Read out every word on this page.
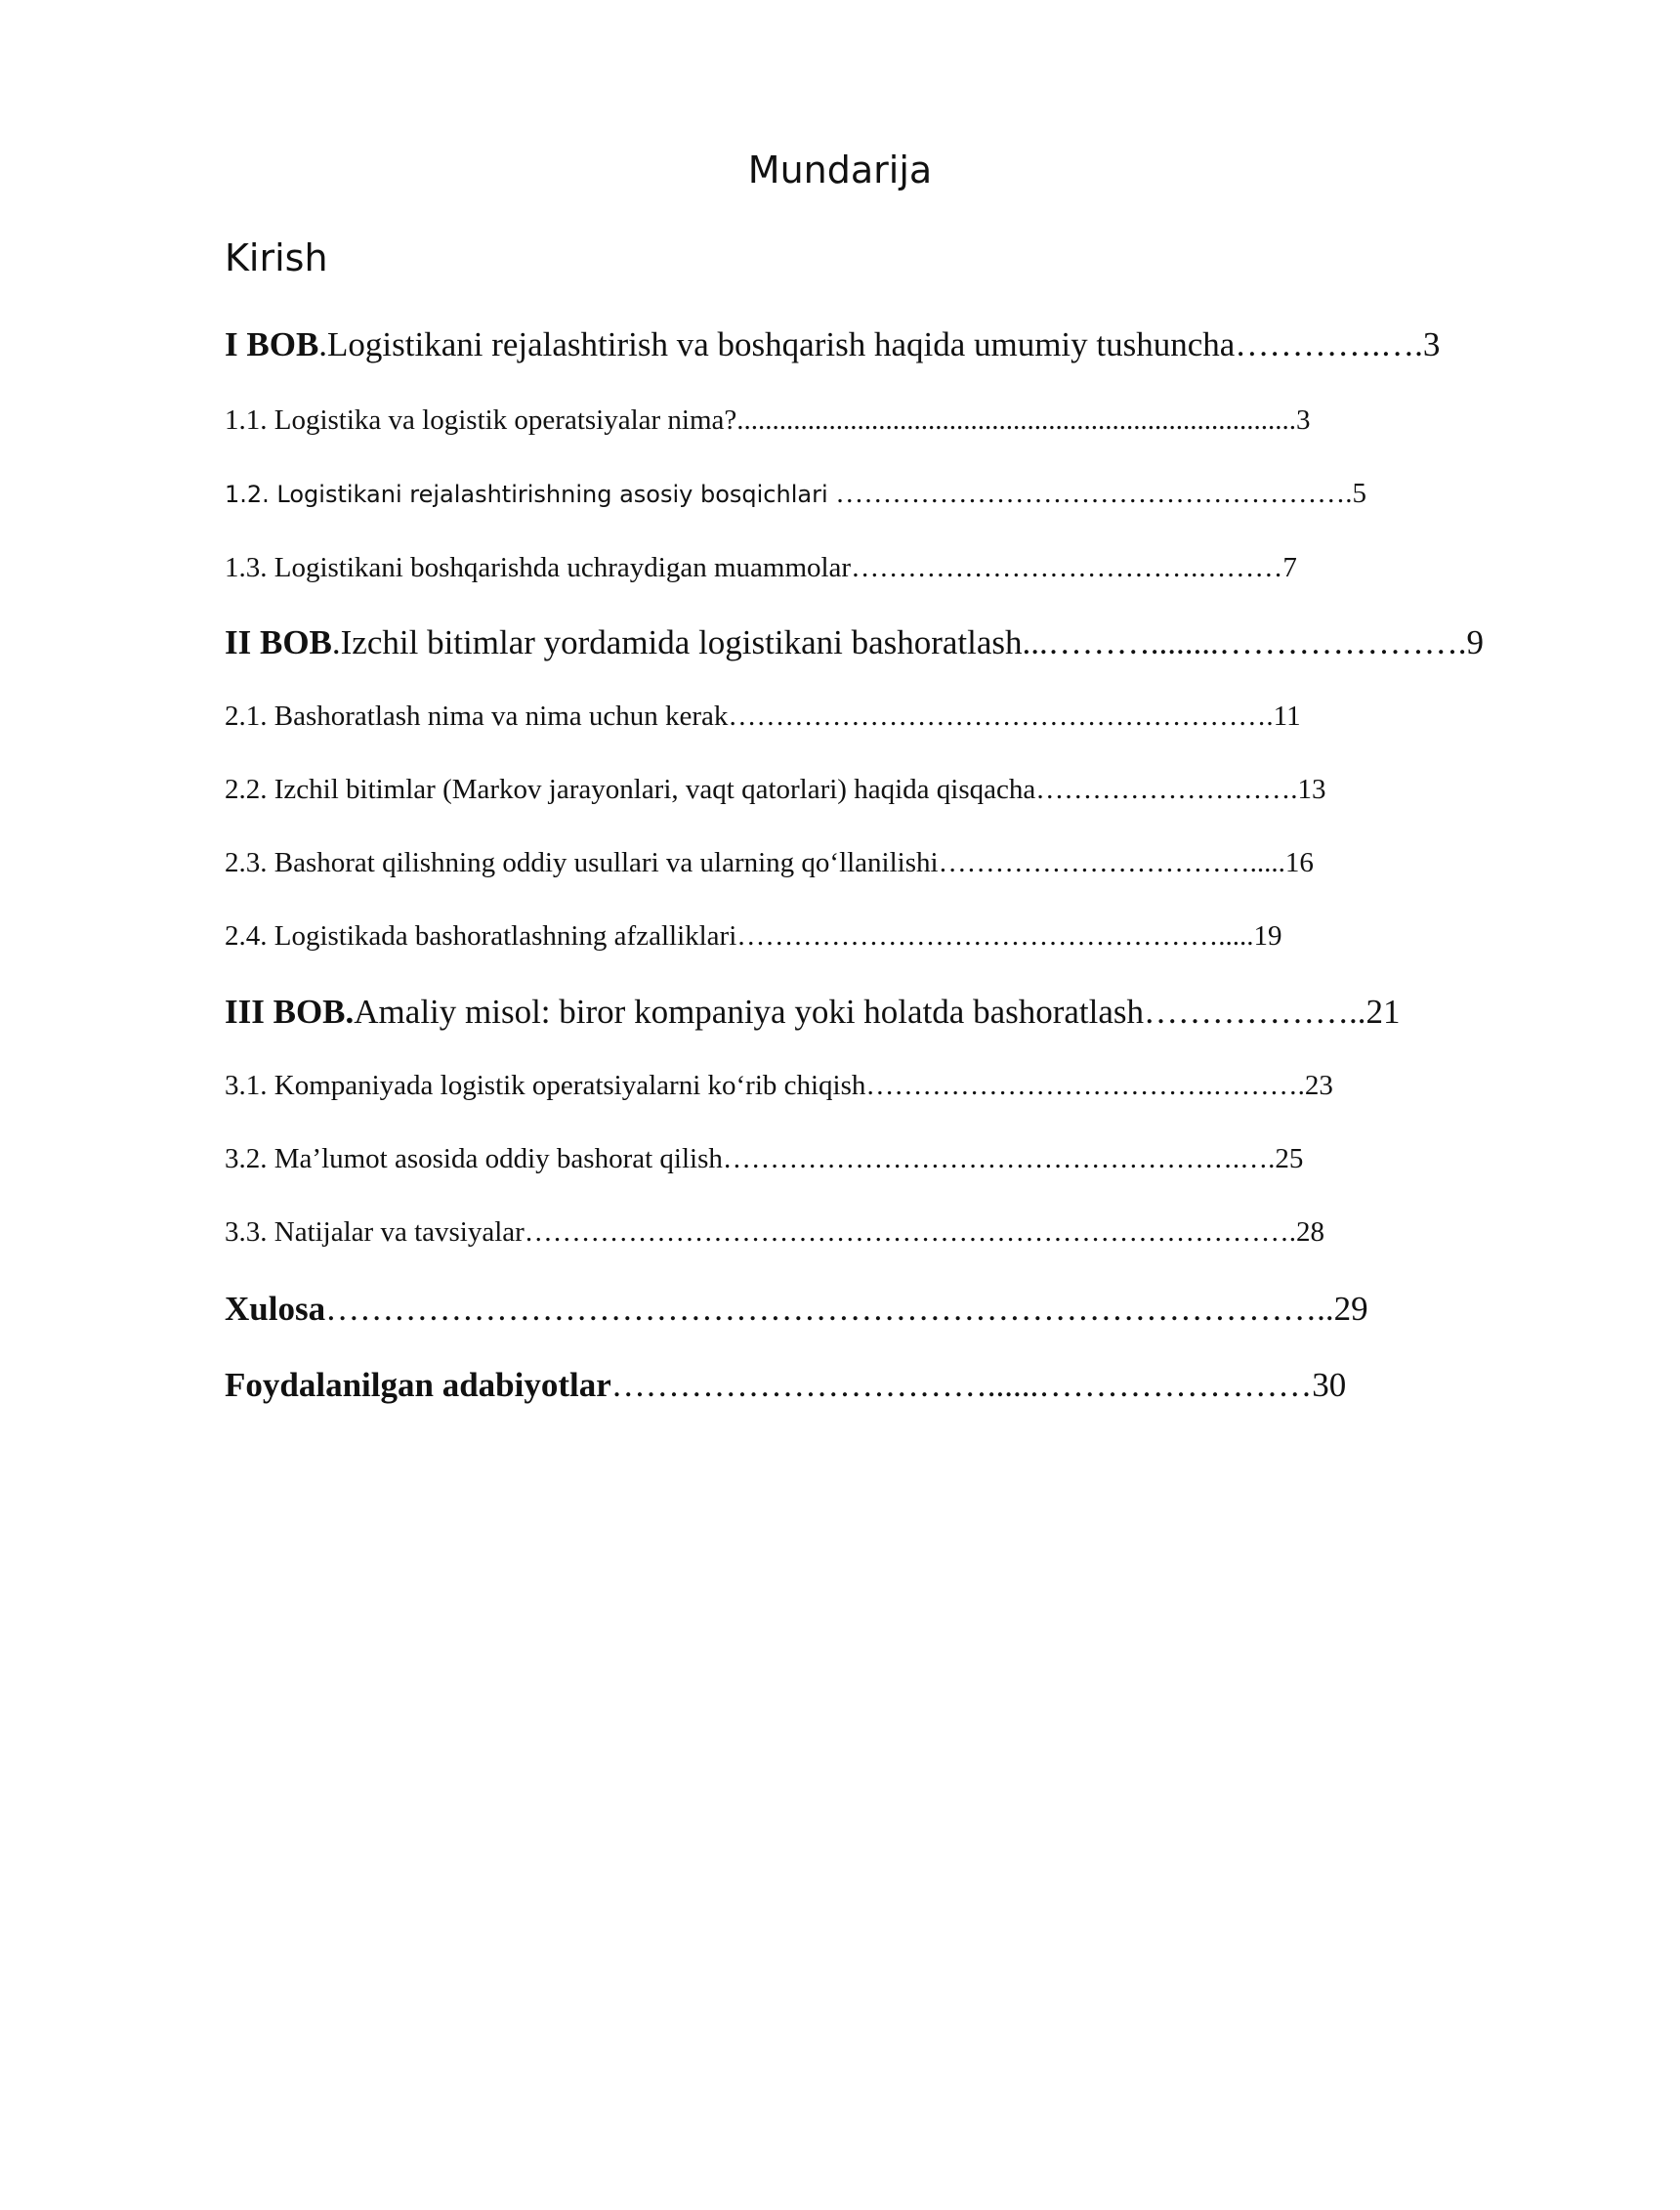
Mundarija
Kirish
I BOB.Logistikani rejalashtirish va boshqarish haqida umumiy tushuncha………….….3
1.1. Logistika va logistik operatsiyalar nima?...............................................................................3
1.2. Logistikani rejalashtirishning asosiy bosqichlari ……………………………………………….5
1.3. Logistikani boshqarishda uchraydigan muammolar……………………………….………7
II BOB.Izchil bitimlar yordamida logistikani bashoratlash...………........………………….9
2.1. Bashoratlash nima va nima uchun kerak………………………………………………….11
2.2. Izchil bitimlar (Markov jarayonlari, vaqt qatorlari) haqida qisqacha……………………….13
2.3. Bashorat qilishning oddiy usullari va ularning qo‘llanilishi…………………………….....16
2.4. Logistikada bashoratlashning afzalliklari…………………………………………….....19
III BOB.Amaliy misol: biror kompaniya yoki holatda bashoratlash………………..21
3.1. Kompaniyada logistik operatsiyalarni ko‘rib chiqish……………………………….……….23
3.2. Ma’lumot asosida oddiy bashorat qilish……………………………………………….….25
3.3. Natijalar va tavsiyalar……………………………………………………………………….28
Xulosa……………………………………………………………………………..29
Foydalanilgan adabiyotlar……………………………......……………………30
